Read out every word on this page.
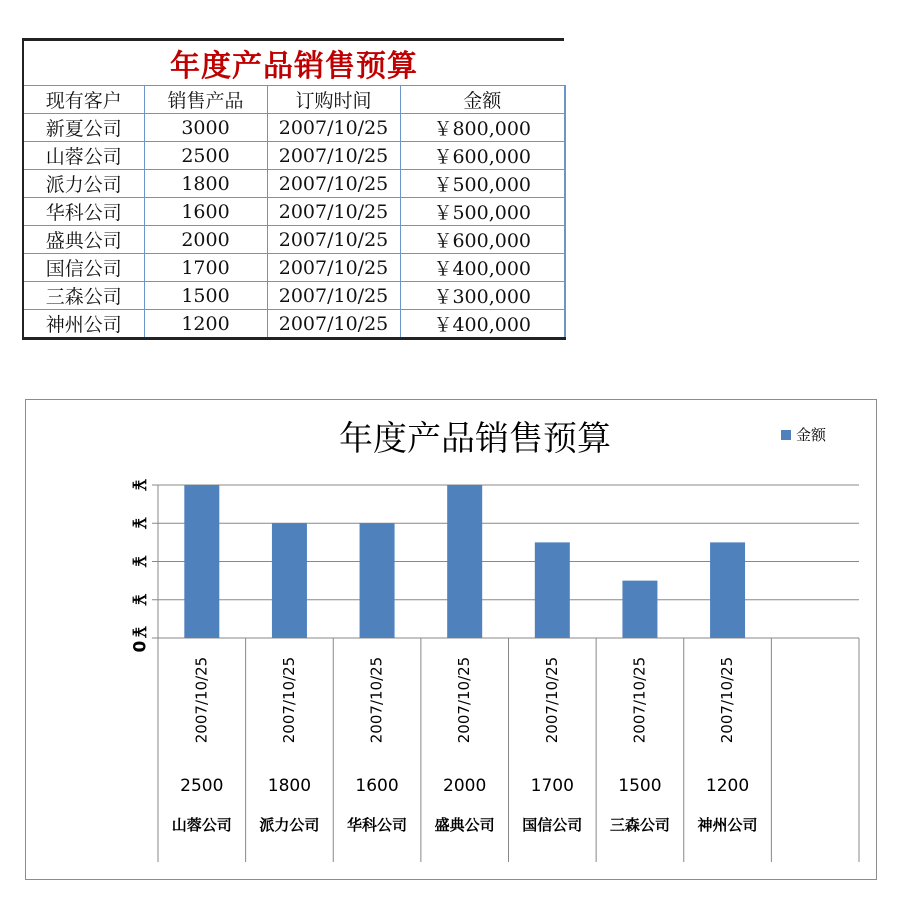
年度产品销售预算
现有客户	销售产品	订购时间	金额
新夏公司	3000	2007/10/25	￥800,000
山蓉公司	2500	2007/10/25	￥600,000
派力公司	1800	2007/10/25	￥500,000
华科公司	1600	2007/10/25	￥500,000
盛典公司	2000	2007/10/25	￥600,000
国信公司	1700	2007/10/25	￥400,000
三森公司	1500	2007/10/25	￥300,000
神州公司	1200	2007/10/25	￥400,000
年度产品销售预算	金额
￥0
￥
￥
￥
￥
2007/10/25
2500
山蓉公司
2007/10/25
1800
派力公司
2007/10/25
1600
华科公司
2007/10/25
2000
盛典公司
2007/10/25
1700
国信公司
2007/10/25
1500
三森公司
2007/10/25
1200
神州公司
